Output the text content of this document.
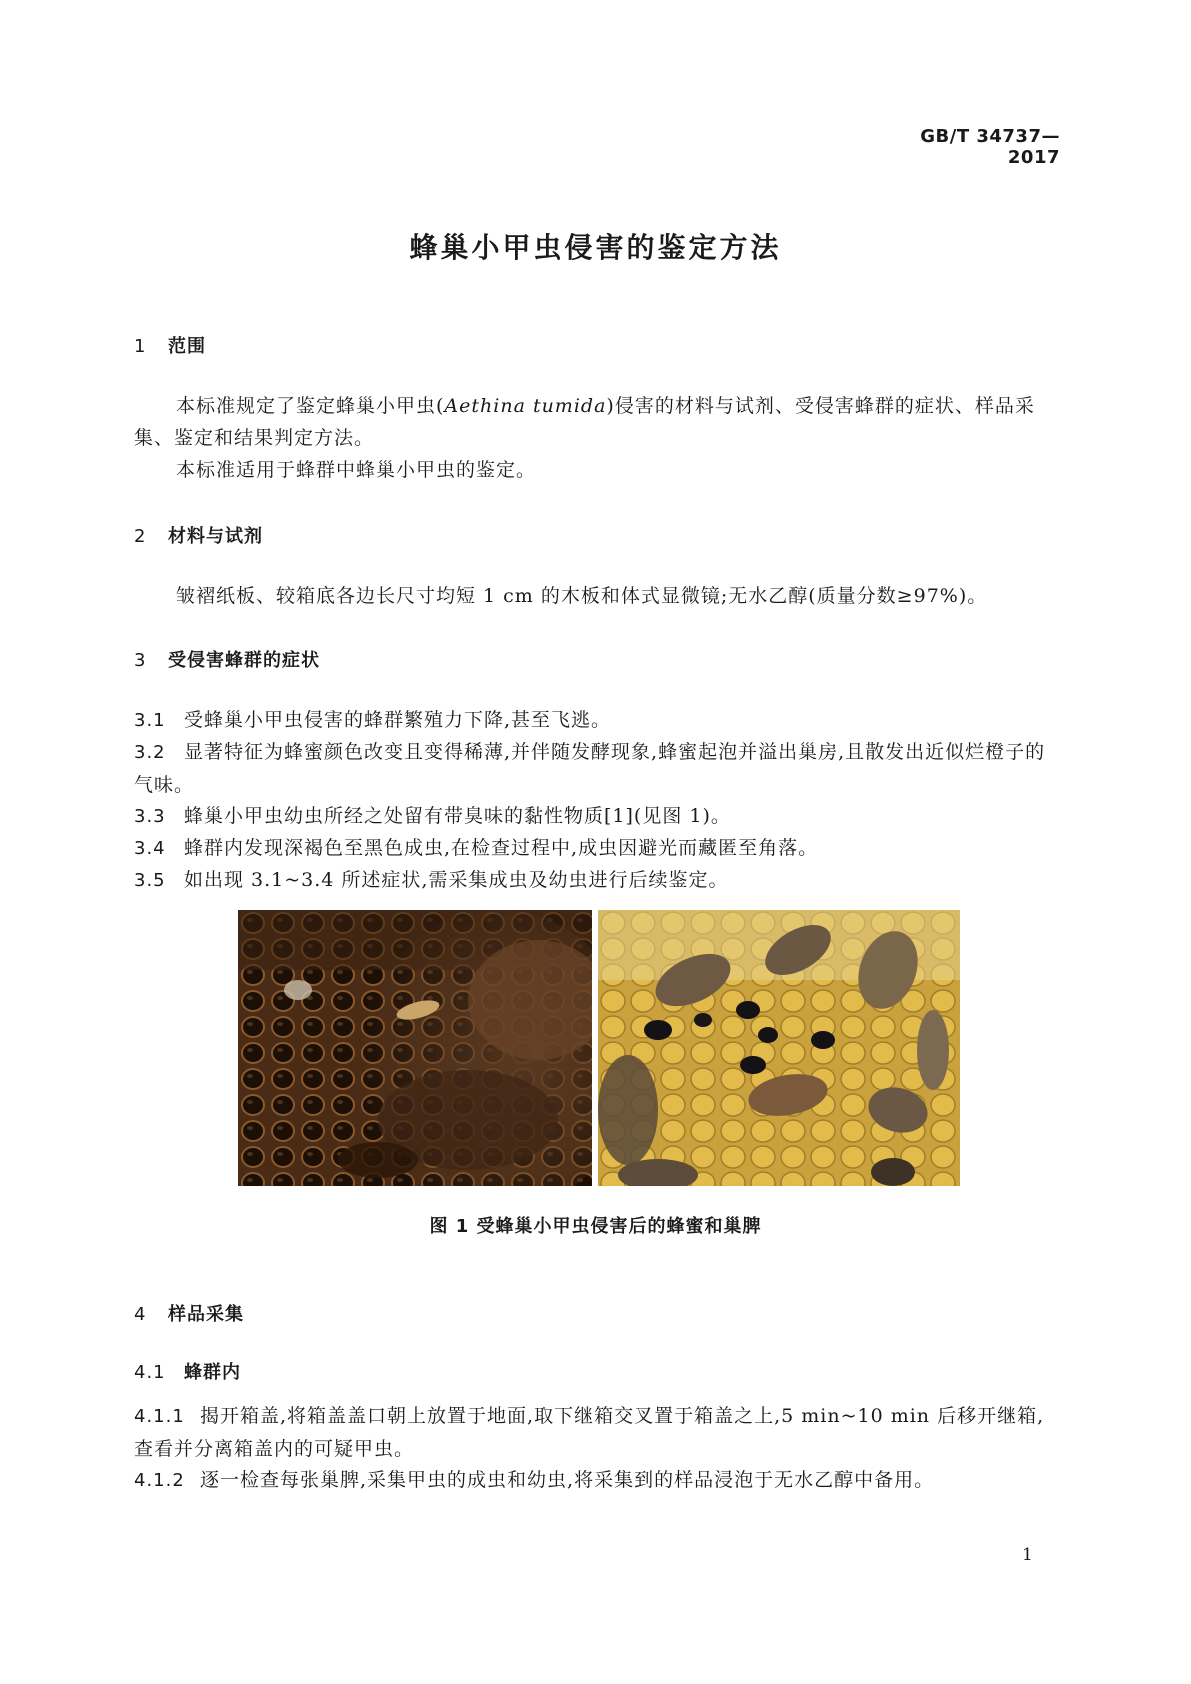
GB/T 34737—2017
蜂巢小甲虫侵害的鉴定方法
1 范围
本标准规定了鉴定蜂巢小甲虫(Aethina tumida)侵害的材料与试剂、受侵害蜂群的症状、样品采集、鉴定和结果判定方法。
本标准适用于蜂群中蜂巢小甲虫的鉴定。
2 材料与试剂
皱褶纸板、较箱底各边长尺寸均短 1 cm 的木板和体式显微镜;无水乙醇(质量分数≥97%)。
3 受侵害蜂群的症状
3.1 受蜂巢小甲虫侵害的蜂群繁殖力下降,甚至飞逃。
3.2 显著特征为蜂蜜颜色改变且变得稀薄,并伴随发酵现象,蜂蜜起泡并溢出巢房,且散发出近似烂橙子的气味。
3.3 蜂巢小甲虫幼虫所经之处留有带臭味的黏性物质[1](见图 1)。
3.4 蜂群内发现深褐色至黑色成虫,在检查过程中,成虫因避光而藏匿至角落。
3.5 如出现 3.1~3.4 所述症状,需采集成虫及幼虫进行后续鉴定。
图 1 受蜂巢小甲虫侵害后的蜂蜜和巢脾
4 样品采集
4.1 蜂群内
4.1.1 揭开箱盖,将箱盖盖口朝上放置于地面,取下继箱交叉置于箱盖之上,5 min~10 min 后移开继箱,查看并分离箱盖内的可疑甲虫。
4.1.2 逐一检查每张巢脾,采集甲虫的成虫和幼虫,将采集到的样品浸泡于无水乙醇中备用。
1
